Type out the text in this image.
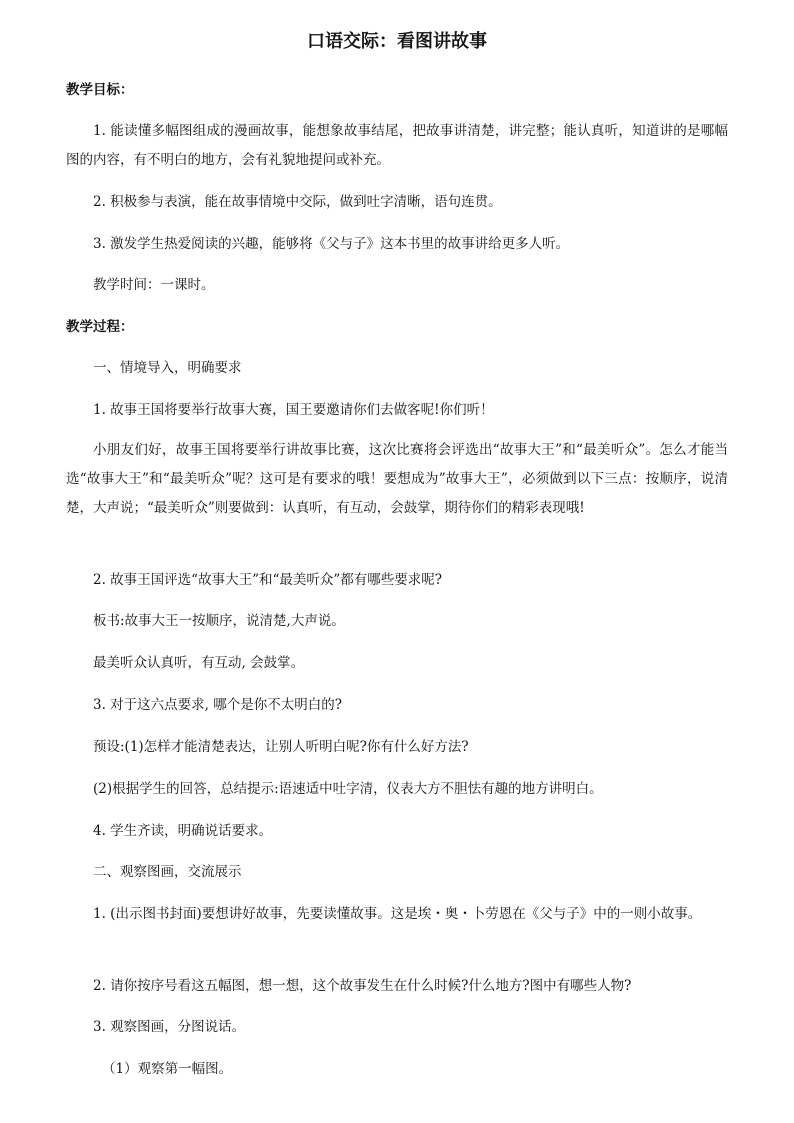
口语交际：看图讲故事
教学目标：
1. 能读懂多幅图组成的漫画故事，能想象故事结尾，把故事讲清楚，讲完整；能认真听，知道讲的是哪幅图的内容，有不明白的地方，会有礼貌地提问或补充。
2. 积极参与表演，能在故事情境中交际，做到吐字清晰，语句连贯。
3. 激发学生热爱阅读的兴趣，能够将《父与子》这本书里的故事讲给更多人听。
教学时间：一课时。
教学过程：
一、情境导入，明确要求
1. 故事王国将要举行故事大赛，国王要邀请你们去做客呢!你们听！
小朋友们好，故事王国将要举行讲故事比赛，这次比赛将会评选出“故事大王”和“最美听众”。怎么才能当选“故事大王”和“最美听众”呢？这可是有要求的哦！要想成为”故事大王”，必须做到以下三点：按顺序，说清楚，大声说；“最美听众”则要做到：认真听，有互动，会鼓掌，期待你们的精彩表现哦!
2. 故事王国评选“故事大王”和“最美听众”都有哪些要求呢?
板书:故事大王一按顺序，说清楚,大声说。
最美听众认真听，有互动, 会鼓掌。
3. 对于这六点要求, 哪个是你不太明白的?
预设:(1)怎样才能清楚表达，让别人听明白呢?你有什么好方法?
(2)根据学生的回答，总结提示:语速适中吐字清，仪表大方不胆怯有趣的地方讲明白。
4. 学生齐读，明确说话要求。
二、观察图画，交流展示
1. (出示图书封面)要想讲好故事，先要读懂故事。这是埃・奥・卜劳恩在《父与子》中的一则小故事。
2. 请你按序号看这五幅图，想一想，这个故事发生在什么时候?什么地方?图中有哪些人物?
3. 观察图画，分图说话。
（1）观察第一幅图。
